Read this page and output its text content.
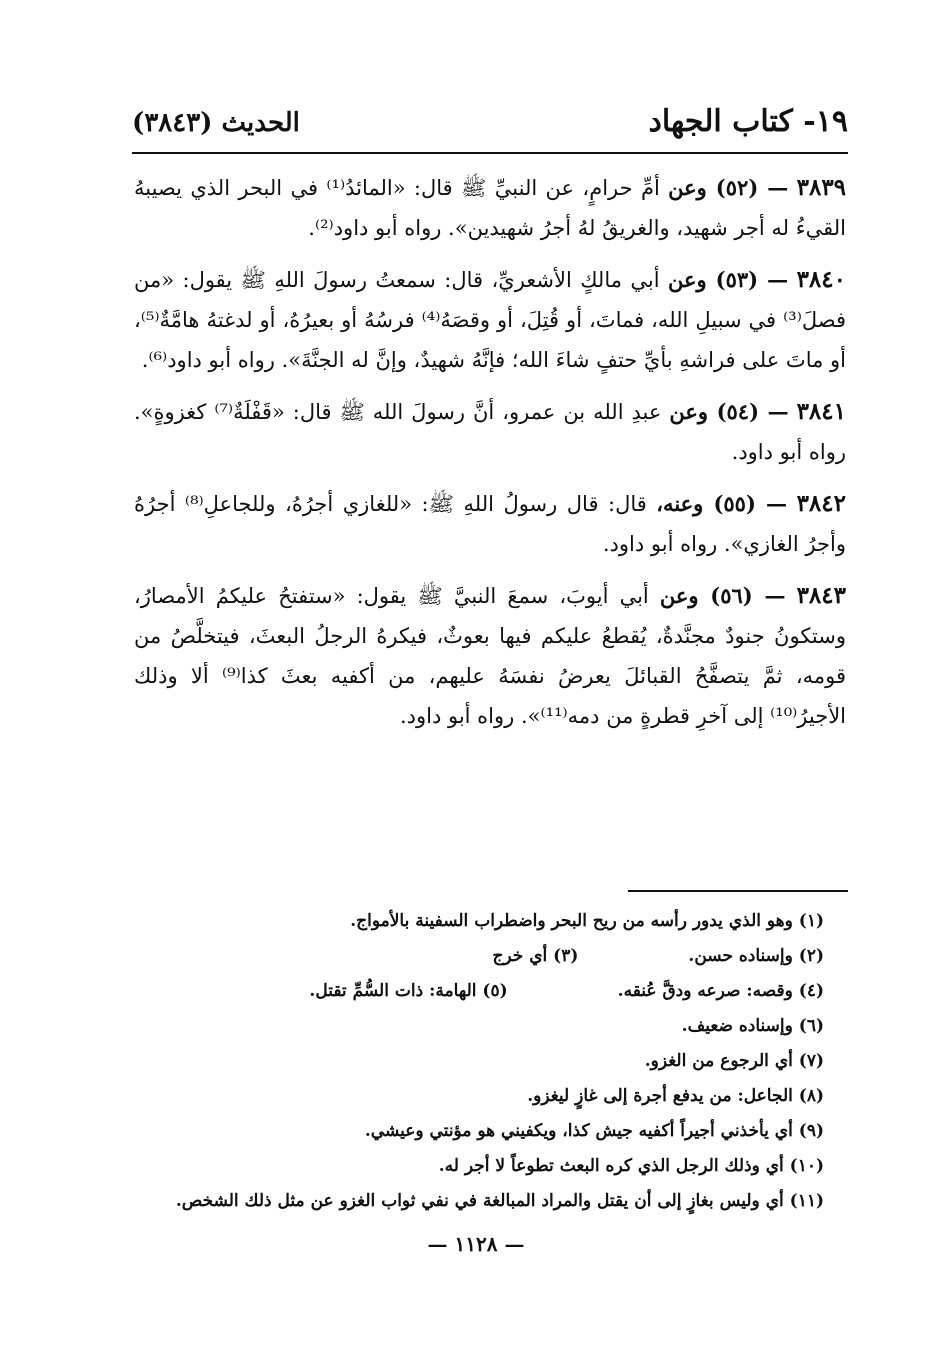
١٩- كتاب الجهاد
الحديث (٣٨٤٣)

٣٨٣٩ — (٥٢) وعن أمِّ حرامٍ، عن النبيِّ ﷺ قال: «المائدُ⁽¹⁾ في البحر الذي يصيبهُ القيءُ له أجر شهيد، والغريقُ لهُ أجرُ شهيدين». رواه أبو داود⁽²⁾.

٣٨٤٠ — (٥٣) وعن أبي مالكٍ الأشعريِّ، قال: سمعتُ رسولَ اللهِ ﷺ يقول: «من فصلَ⁽³⁾ في سبيلِ الله، فماتَ، أو قُتِلَ، أو وقصَهُ⁽⁴⁾ فرسُهُ أو بعيرُهُ، أو لدغتهُ هامَّةٌ⁽⁵⁾، أو ماتَ على فراشهِ بأيِّ حتفٍ شاءَ الله؛ فإنَّهُ شهيدٌ، وإنَّ له الجنَّةَ». رواه أبو داود⁽⁶⁾.

٣٨٤١ — (٥٤) وعن عبدِ الله بن عمرو، أنَّ رسولَ الله ﷺ قال: «قَفْلَةٌ⁽⁷⁾ كغزوةٍ». رواه أبو داود.

٣٨٤٢ — (٥٥) وعنه، قال: قال رسولُ اللهِ ﷺ: «للغازي أجرُهُ، وللجاعلِ⁽⁸⁾ أجرُهُ وأجرُ الغازي». رواه أبو داود.

٣٨٤٣ — (٥٦) وعن أبي أيوبَ، سمعَ النبيَّ ﷺ يقول: «ستفتحُ عليكمُ الأمصارُ، وستكونُ جنودٌ مجنَّدةٌ، يُقطعُ عليكم فيها بعوثٌ، فيكرهُ الرجلُ البعثَ، فيتخلَّصُ من قومه، ثمَّ يتصفَّحُ القبائلَ يعرضُ نفسَهُ عليهم، من أكفيه بعثَ كذا⁽⁹⁾ ألا وذلك الأجيرُ⁽¹⁰⁾ إلى آخرِ قطرةٍ من دمه⁽¹¹⁾». رواه أبو داود.

(١) وهو الذي يدور رأسه من ريح البحر واضطراب السفينة بالأمواج.
(٢) وإسناده حسن.
(٣) أي خرج
(٤) وقصه: صرعه ودقَّ عُنقه.
(٥) الهامة: ذات السُّمِّ تقتل.
(٦) وإسناده ضعيف.
(٧) أي الرجوع من الغزو.
(٨) الجاعل: من يدفع أجرة إلى غازٍ ليغزو.
(٩) أي يأخذني أجيراً أكفيه جيش كذا، ويكفيني هو مؤنتي وعيشي.
(١٠) أي وذلك الرجل الذي كره البعث تطوعاً لا أجر له.
(١١) أي وليس بغازٍ إلى أن يقتل والمراد المبالغة في نفي ثواب الغزو عن مثل ذلك الشخص.
— ١١٢٨ —
